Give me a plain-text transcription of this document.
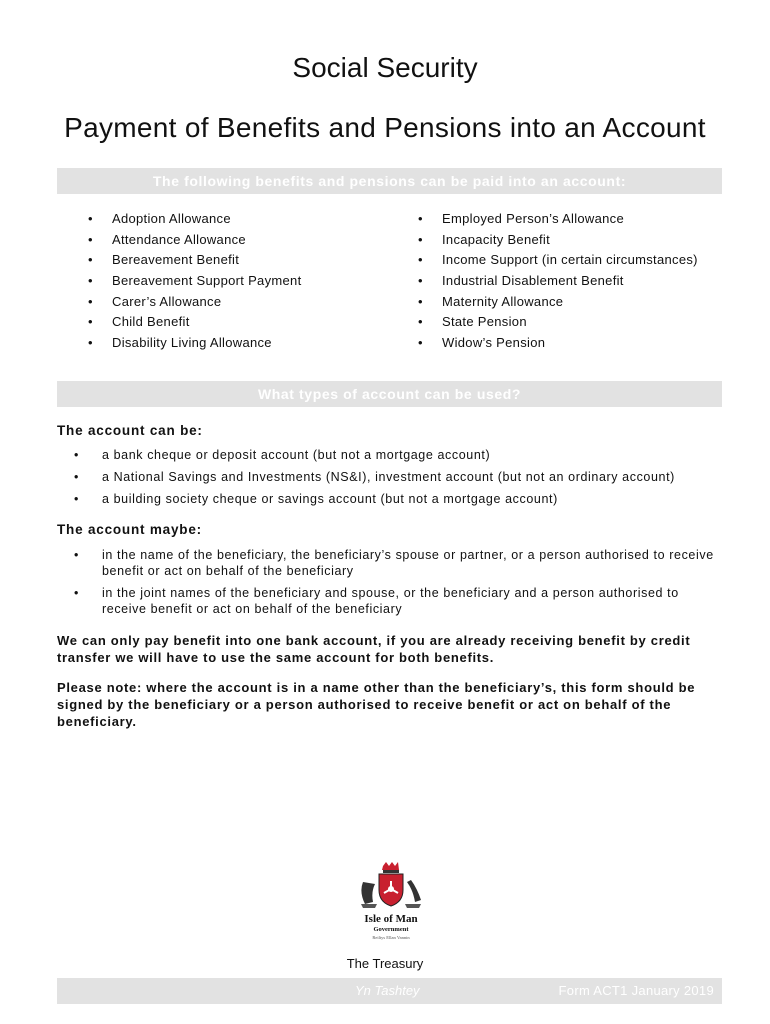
Social Security
Payment of Benefits and Pensions into an Account
The following benefits and pensions can be paid into an account:
• Adoption Allowance
• Attendance Allowance
• Bereavement Benefit
• Bereavement Support Payment
• Carer’s Allowance
• Child Benefit
• Disability Living Allowance
• Employed Person’s Allowance
• Incapacity Benefit
• Income Support (in certain circumstances)
• Industrial Disablement Benefit
• Maternity Allowance
• State Pension
• Widow’s Pension
What types of account can be used?
The account can be:
• a bank cheque or deposit account (but not a mortgage account)
• a National Savings and Investments (NS&I), investment account (but not an ordinary account)
• a building society cheque or savings account (but not a mortgage account)
The account maybe:
• in the name of the beneficiary, the beneficiary’s spouse or partner, or a person authorised to receive benefit or act on behalf of the beneficiary
• in the joint names of the beneficiary and spouse, or the beneficiary and a person authorised to receive benefit or act on behalf of the beneficiary
We can only pay benefit into one bank account, if you are already receiving benefit by credit transfer we will have to use the same account for both benefits.
Please note: where the account is in a name other than the beneficiary’s, this form should be signed by the beneficiary or a person authorised to receive benefit or act on behalf of the beneficiary.
Isle of Man
Government
Reiltys Ellan Vannin
The Treasury
Yn Tashtey	Form ACT1 January 2019
